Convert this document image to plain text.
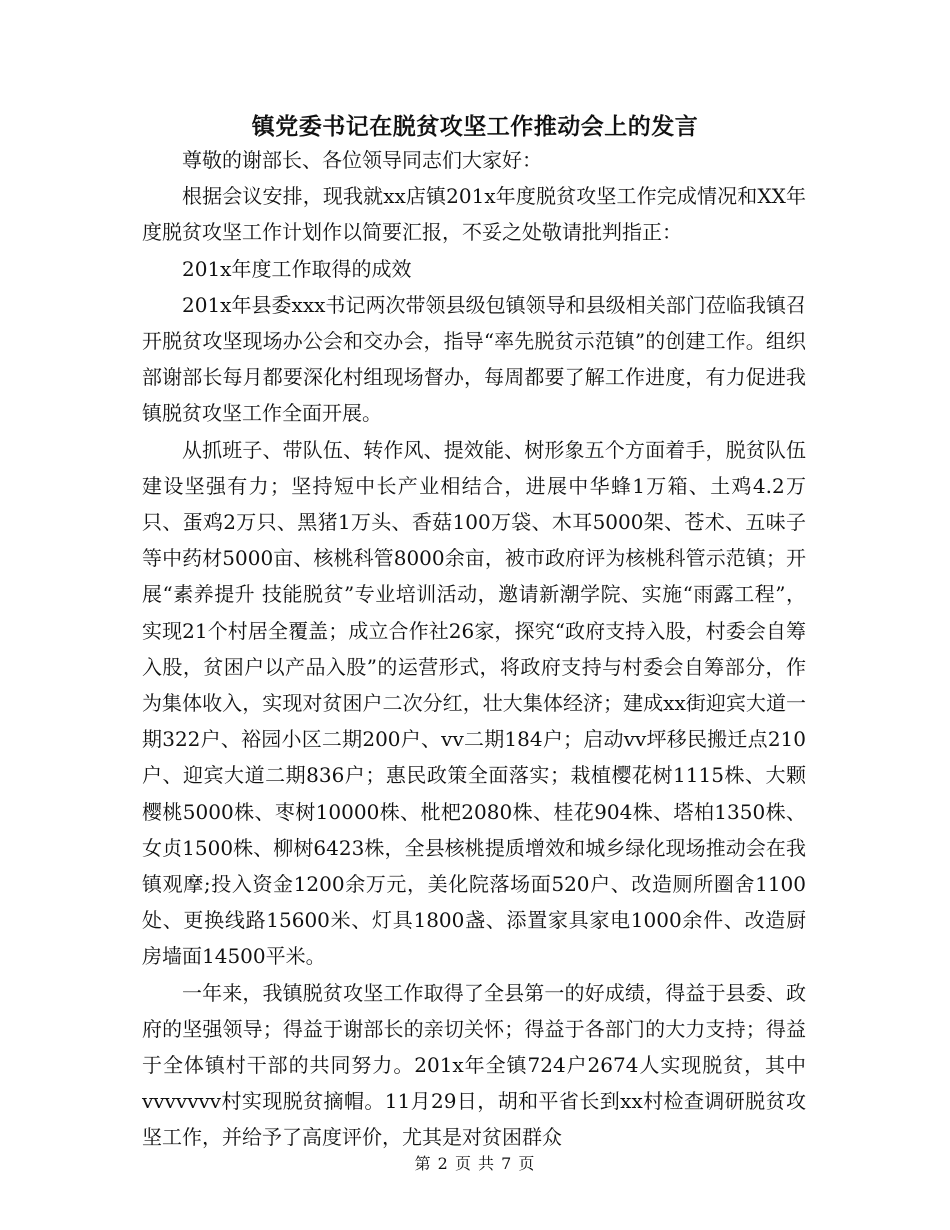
镇党委书记在脱贫攻坚工作推动会上的发言

尊敬的谢部长、各位领导同志们大家好：

根据会议安排，现我就xx店镇201x年度脱贫攻坚工作完成情况和XX年度脱贫攻坚工作计划作以简要汇报，不妥之处敬请批判指正：

201x年度工作取得的成效

201x年县委xxx书记两次带领县级包镇领导和县级相关部门莅临我镇召开脱贫攻坚现场办公会和交办会，指导“率先脱贫示范镇”的创建工作。组织部谢部长每月都要深化村组现场督办，每周都要了解工作进度，有力促进我镇脱贫攻坚工作全面开展。

从抓班子、带队伍、转作风、提效能、树形象五个方面着手，脱贫队伍建设坚强有力；坚持短中长产业相结合，进展中华蜂1万箱、土鸡4.2万只、蛋鸡2万只、黑猪1万头、香菇100万袋、木耳5000架、苍术、五味子等中药材5000亩、核桃科管8000余亩，被市政府评为核桃科管示范镇；开展“素养提升 技能脱贫”专业培训活动，邀请新潮学院、实施“雨露工程”，实现21个村居全覆盖；成立合作社26家，探究“政府支持入股，村委会自筹入股，贫困户以产品入股”的运营形式，将政府支持与村委会自筹部分，作为集体收入，实现对贫困户二次分红，壮大集体经济；建成xx街迎宾大道一期322户、裕园小区二期200户、vv二期184户；启动vv坪移民搬迁点210户、迎宾大道二期836户；惠民政策全面落实；栽植樱花树1115株、大颗樱桃5000株、枣树10000株、枇杷2080株、桂花904株、塔柏1350株、女贞1500株、柳树6423株，全县核桃提质增效和城乡绿化现场推动会在我镇观摩;投入资金1200余万元，美化院落场面520户、改造厕所圈舍1100处、更换线路15600米、灯具1800盏、添置家具家电1000余件、改造厨房墙面14500平米。

一年来，我镇脱贫攻坚工作取得了全县第一的好成绩，得益于县委、政府的坚强领导；得益于谢部长的亲切关怀；得益于各部门的大力支持；得益于全体镇村干部的共同努力。201x年全镇724户2674人实现脱贫，其中vvvvvvv村实现脱贫摘帽。11月29日，胡和平省长到xx村检查调研脱贫攻坚工作，并给予了高度评价，尤其是对贫困群众

第 2 页 共 7 页
